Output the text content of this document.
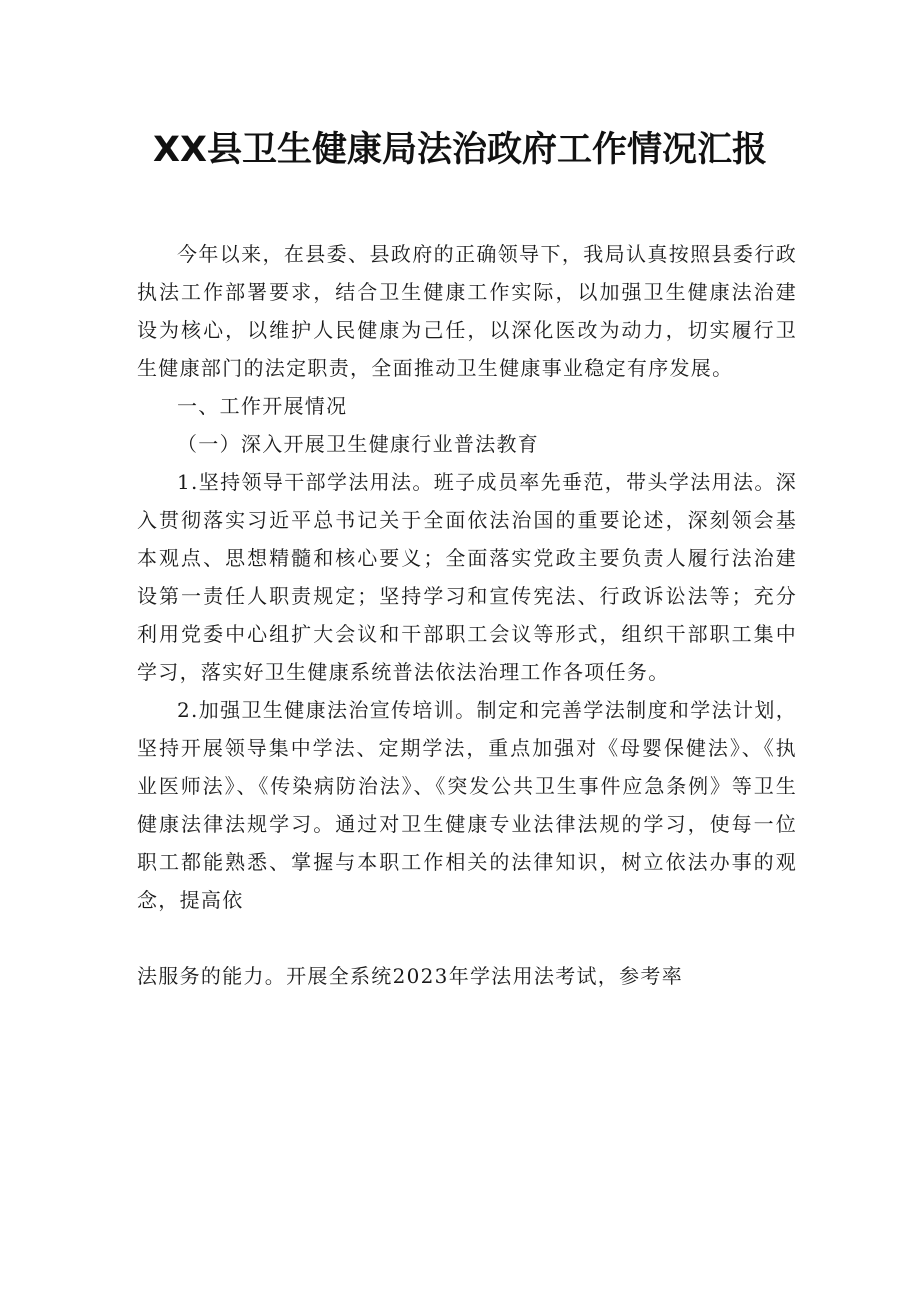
XX县卫生健康局法治政府工作情况汇报

今年以来，在县委、县政府的正确领导下，我局认真按照县委行政执法工作部署要求，结合卫生健康工作实际，以加强卫生健康法治建设为核心，以维护人民健康为己任，以深化医改为动力，切实履行卫生健康部门的法定职责，全面推动卫生健康事业稳定有序发展。

一、工作开展情况

（一）深入开展卫生健康行业普法教育

1.坚持领导干部学法用法。班子成员率先垂范，带头学法用法。深入贯彻落实习近平总书记关于全面依法治国的重要论述，深刻领会基本观点、思想精髓和核心要义；全面落实党政主要负责人履行法治建设第一责任人职责规定；坚持学习和宣传宪法、行政诉讼法等；充分利用党委中心组扩大会议和干部职工会议等形式，组织干部职工集中学习，落实好卫生健康系统普法依法治理工作各项任务。

2.加强卫生健康法治宣传培训。制定和完善学法制度和学法计划，坚持开展领导集中学法、定期学法，重点加强对《母婴保健法》、《执业医师法》、《传染病防治法》、《突发公共卫生事件应急条例》等卫生健康法律法规学习。通过对卫生健康专业法律法规的学习，使每一位职工都能熟悉、掌握与本职工作相关的法律知识，树立依法办事的观念，提高依

法服务的能力。开展全系统2023年学法用法考试，参考率
